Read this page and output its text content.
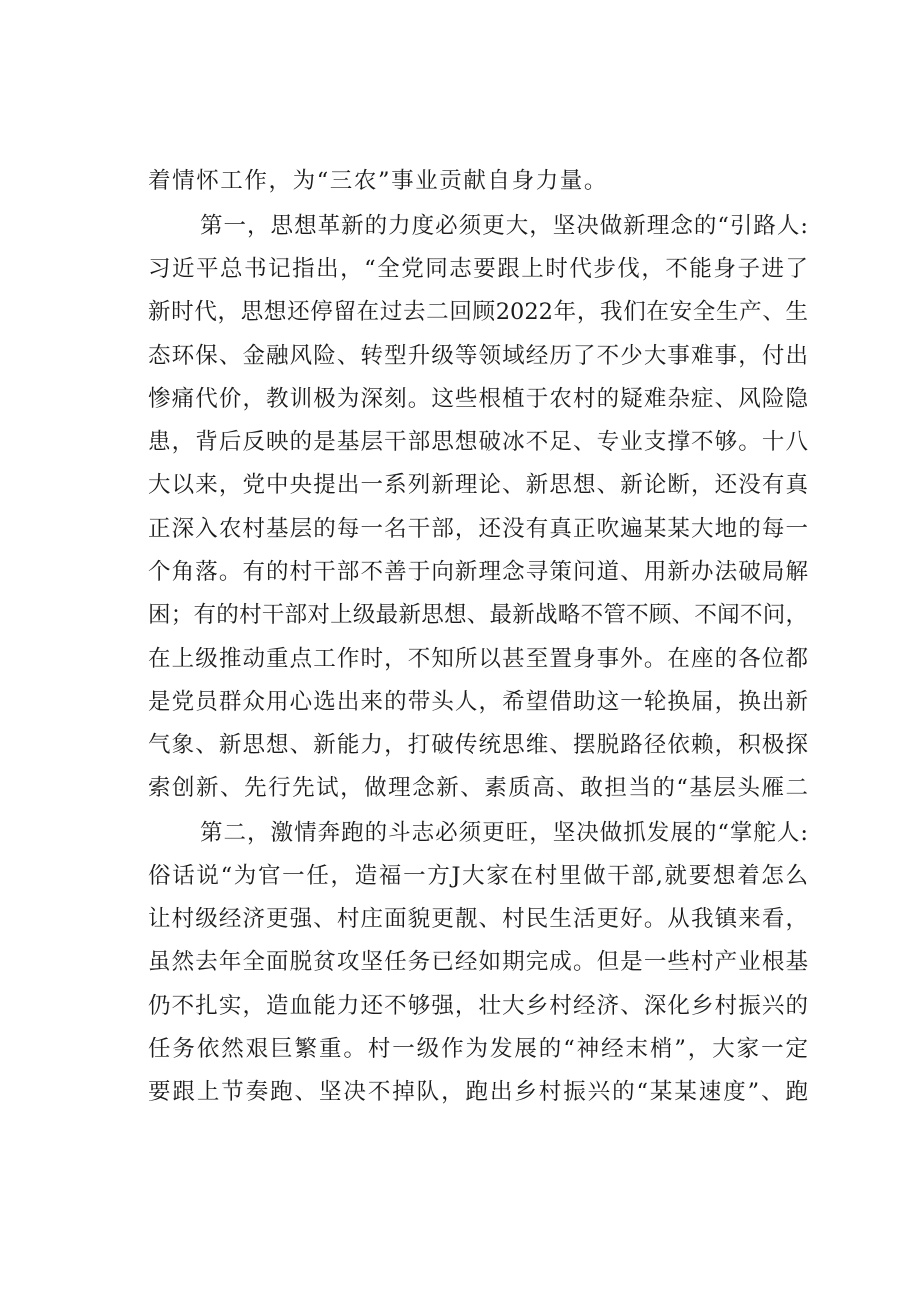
着情怀工作，为“三农”事业贡献自身力量。
第一，思想革新的力度必须更大，坚决做新理念的“引路人:
习近平总书记指出，“全党同志要跟上时代步伐，不能身子进了
新时代，思想还停留在过去二回顾2022年，我们在安全生产、生
态环保、金融风险、转型升级等领域经历了不少大事难事，付出
惨痛代价，教训极为深刻。这些根植于农村的疑难杂症、风险隐
患，背后反映的是基层干部思想破冰不足、专业支撑不够。十八
大以来，党中央提出一系列新理论、新思想、新论断，还没有真
正深入农村基层的每一名干部，还没有真正吹遍某某大地的每一
个角落。有的村干部不善于向新理念寻策问道、用新办法破局解
困；有的村干部对上级最新思想、最新战略不管不顾、不闻不问，
在上级推动重点工作时，不知所以甚至置身事外。在座的各位都
是党员群众用心选出来的带头人，希望借助这一轮换届，换出新
气象、新思想、新能力，打破传统思维、摆脱路径依赖，积极探
索创新、先行先试，做理念新、素质高、敢担当的“基层头雁二
第二，激情奔跑的斗志必须更旺，坚决做抓发展的“掌舵人:
俗话说“为官一任，造福一方J大家在村里做干部,就要想着怎么
让村级经济更强、村庄面貌更靓、村民生活更好。从我镇来看，
虽然去年全面脱贫攻坚任务已经如期完成。但是一些村产业根基
仍不扎实，造血能力还不够强，壮大乡村经济、深化乡村振兴的
任务依然艰巨繁重。村一级作为发展的“神经末梢”，大家一定
要跟上节奏跑、坚决不掉队，跑出乡村振兴的“某某速度”、跑
